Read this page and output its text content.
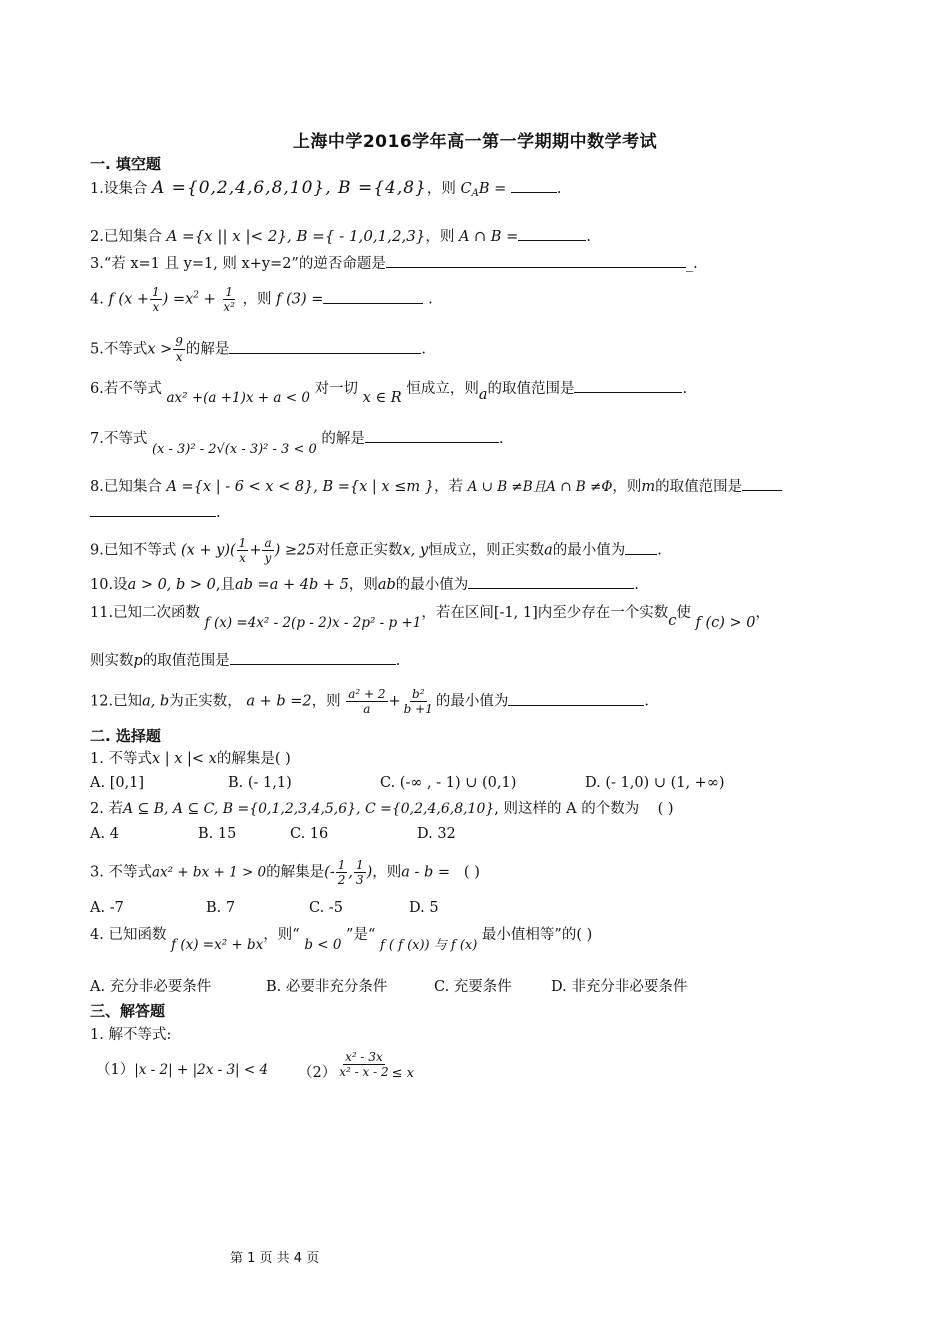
上海中学2016学年高一第一学期期中数学考试
一. 填空题
1.设集合 A ={0,2,4,6,8,10}, B ={4,8}，则 $C_AB$ =	.
2.已知集合 A ={x || x |< 2}, B ={ - 1,0,1,2,3}，则 A ∩ B =	.
3.“若 x=1 且 y=1, 则 x+y=2”的逆否命题是	_.
4. f ($x + \frac{1}{x}$ ) $=x^2 + \frac{1}{\text{x²}}$ ，则 f (3) =	.
5.不等式$x > \frac{9}{x}$ 的解是	.
6.若不等式 ax² +(a +1)x + a < 0 对一切 x ∈ R 恒成立，则a的取值范围是	.
7.不等式 (x - 3)² - 2√(x - 3)² - 3 < 0 的解是	.
8.已知集合 A ={x | - 6 < x < 8}, B ={x | x ≤m }，若 A ∪ B ≠B且A ∩ B ≠Φ，则m的取值范围是
.
9.已知不等式 $(x + y)( \frac{1}{x} + \frac{a}{y}$ ) ≥25对任意正实数x, y恒成立，则正实数a的最小值为 .
10.设a > 0, b > 0,且ab =a + 4b + 5，则ab的最小值为	.
11.已知二次函数 f (x) =4x² - 2(p - 2)x - 2p² - p +1，若在区间[-1, 1]内至少存在一个实数c使 f (c) > 0，
则实数p的取值范围是	.
12.已知a, b为正实数， a + b =2，则 $\frac{\text{a² + 2}}{a} + \frac{\text{b²}}{b +1}$ 的最小值为	.
二. 选择题
1. 不等式x | x |< x的解集是( )
A. [0,1]	B. (- 1,1)	C. (-∞ , - 1) ∪ (0,1)	D. (- 1,0) ∪ (1, +∞)
2. 若A ⊆ B, A ⊆ C, B ={0,1,2,3,4,5,6}, C ={0,2,4,6,8,10}, 则这样的 A 的个数为 ( )
A. 4	B. 15	C. 16	D. 32
3. 不等式ax² + bx + 1 > 0的解集是(- $\frac{1}{2}$ , $\frac{1}{3}$ )，则a - b = ( )
A. -7	B. 7	C. -5	D. 5
4. 已知函数 f (x) =x² + bx，则“ b < 0 ”是“ f ( f (x)) 与 f (x) 最小值相等”的( )
A. 充分非必要条件	B. 必要非充分条件	C. 充要条件	D. 非充分非必要条件
三、解答题
1. 解不等式:
（1）|x - 2| + |2x - 3| < 4 $(2) \frac{\text{x² - 3x}}{\text{x² - x - 2}} \le x$
第 1 页 共 4 页
